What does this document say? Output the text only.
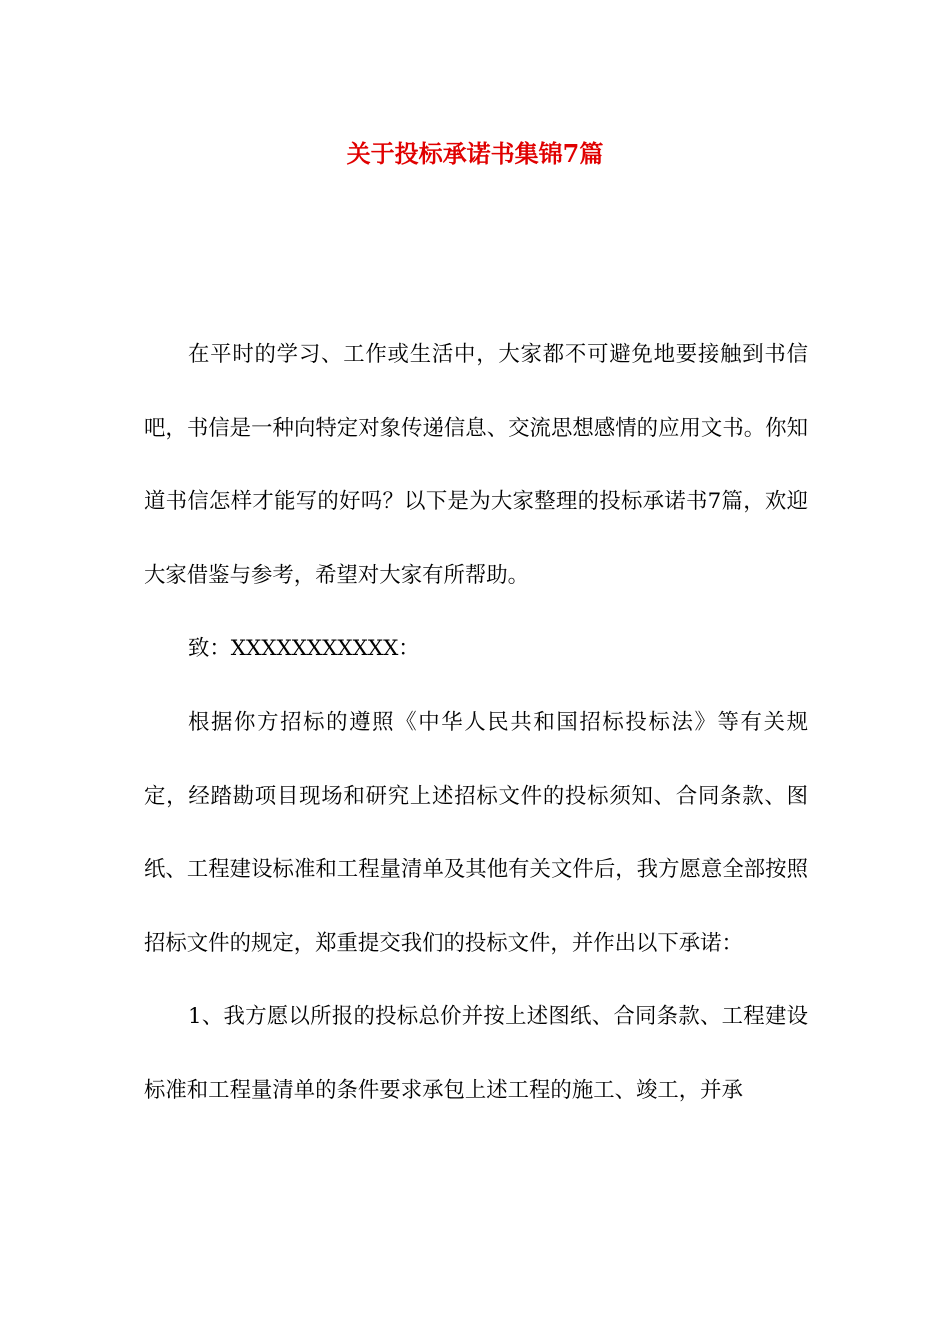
关于投标承诺书集锦7篇

在平时的学习、工作或生活中，大家都不可避免地要接触到书信吧，书信是一种向特定对象传递信息、交流思想感情的应用文书。你知道书信怎样才能写的好吗？以下是为大家整理的投标承诺书7篇，欢迎大家借鉴与参考，希望对大家有所帮助。

致：XXXXXXXXXXX：

根据你方招标的遵照《中华人民共和国招标投标法》等有关规定，经踏勘项目现场和研究上述招标文件的投标须知、合同条款、图纸、工程建设标准和工程量清单及其他有关文件后，我方愿意全部按照招标文件的规定，郑重提交我们的投标文件，并作出以下承诺：

1、我方愿以所报的投标总价并按上述图纸、合同条款、工程建设标准和工程量清单的条件要求承包上述工程的施工、竣工，并承
